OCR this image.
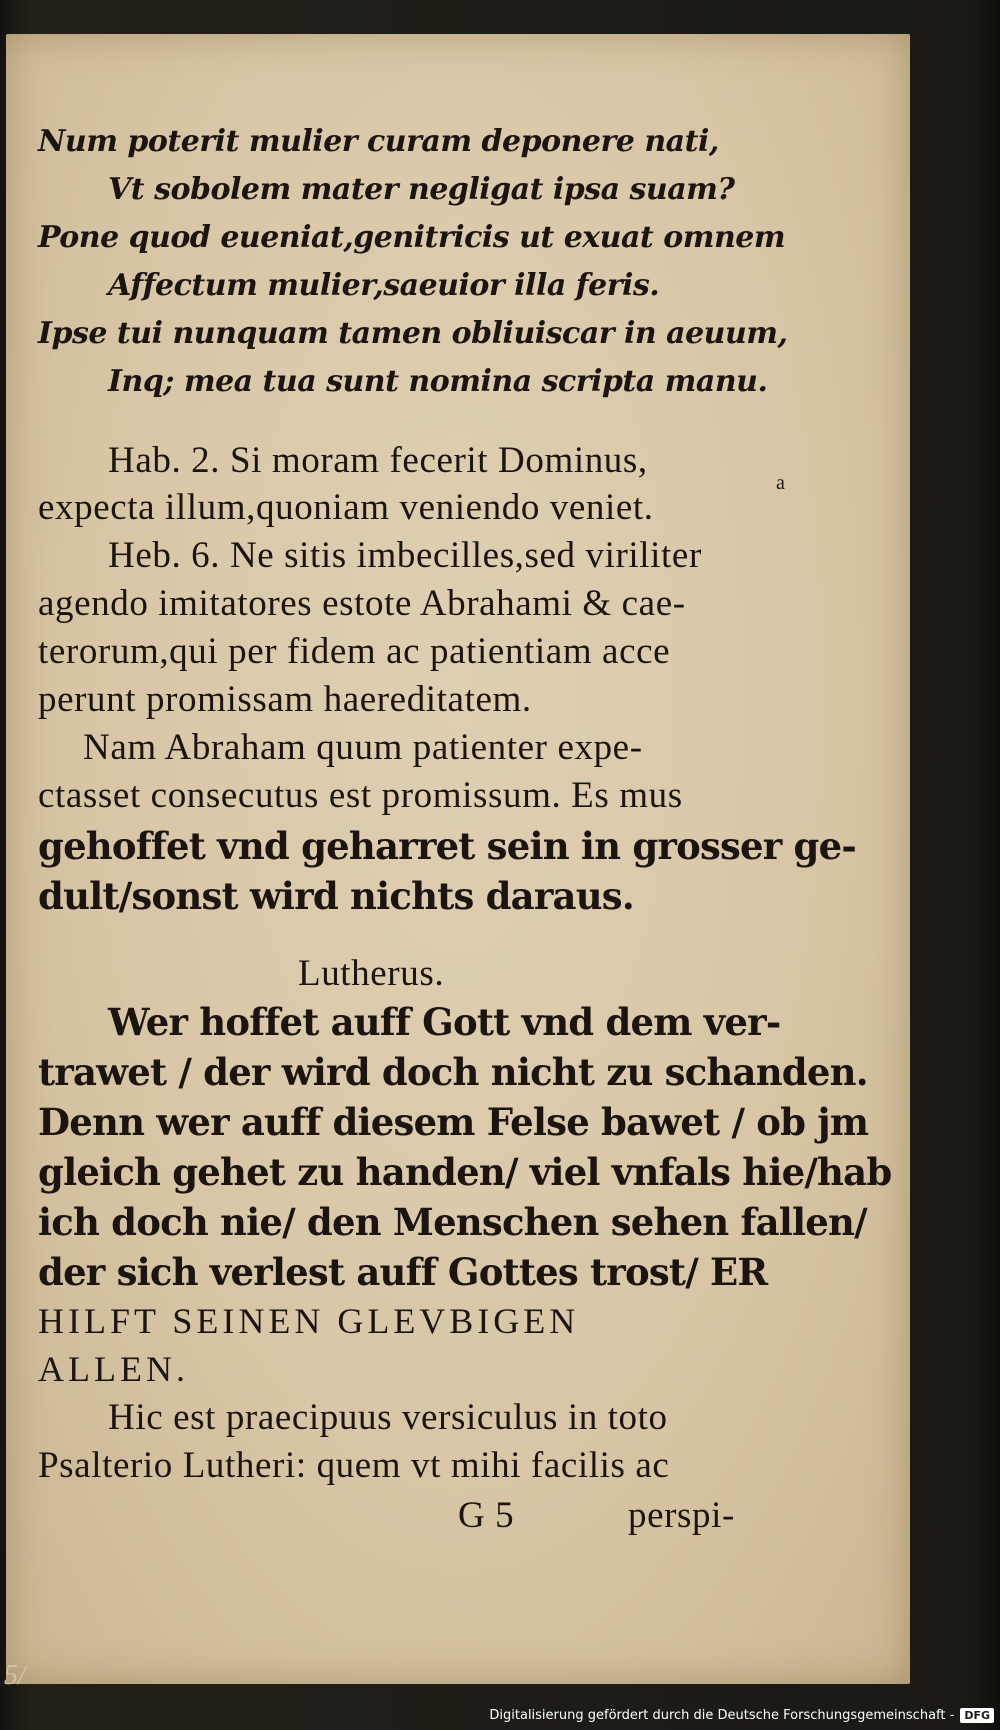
Num poterit mulier curam deponere nati,
Vt sobolem mater negligat ipsa suam?
Pone quod eueniat,genitricis ut exuat omnem
Affectum mulier,saeuior illa feris.
Ipse tui nunquam tamen obliuiscar in aeuum,
Inq; mea tua sunt nomina scripta manu.
Hab. 2. Si moram fecerit Dominus,
a
expecta illum,quoniam veniendo veniet.
Heb. 6. Ne sitis imbecilles,sed viriliter
agendo imitatores estote Abrahami & cae-
terorum,qui per fidem ac patientiam acce
perunt promissam haereditatem.
Nam Abraham quum patienter expe-
ctasset consecutus est promissum. Es mus
gehoffet vnd geharret sein in grosser ge-
dult/sonst wird nichts daraus.
Lutherus.
Wer hoffet auff Gott vnd dem ver-
trawet / der wird doch nicht zu schanden.
Denn wer auff diesem Felse bawet / ob jm
gleich gehet zu handen/ viel vnfals hie/hab
ich doch nie/ den Menschen sehen fallen/
der sich verlest auff Gottes trost/ ER
HILFT SEINEN GLEVBIGEN
ALLEN.
Hic est praecipuus versiculus in toto
Psalterio Lutheri: quem vt mihi facilis ac
G 5	perspi-
5/
Digitalisierung gefördert durch die Deutsche Forschungsgemeinschaft - DFG
